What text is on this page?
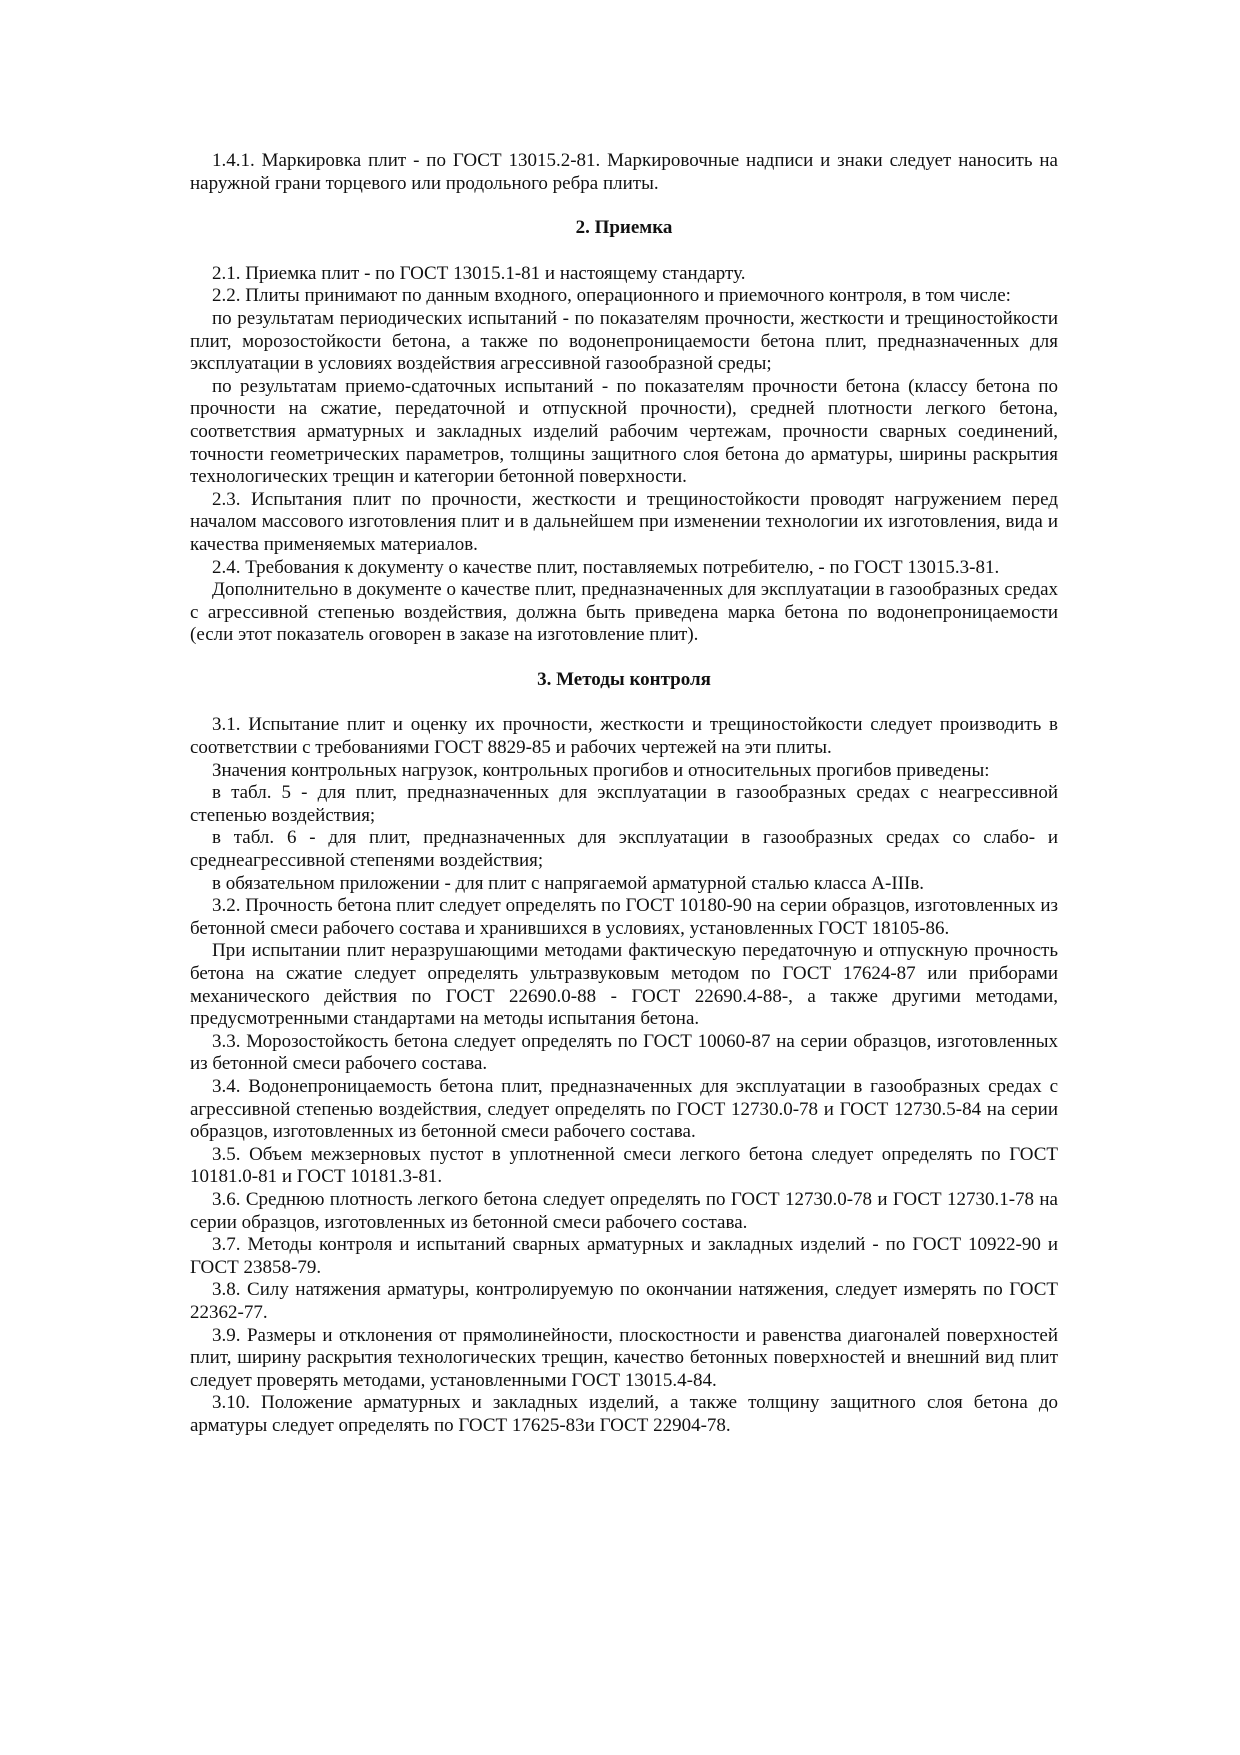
1.4.1. Маркировка плит - по ГОСТ 13015.2-81. Маркировочные надписи и знаки следует наносить на наружной грани торцевого или продольного ребра плиты.

2. Приемка

2.1. Приемка плит - по ГОСТ 13015.1-81 и настоящему стандарту.

2.2. Плиты принимают по данным входного, операционного и приемочного контроля, в том числе:

по результатам периодических испытаний - по показателям прочности, жесткости и трещиностойкости плит, морозостойкости бетона, а также по водонепроницаемости бетона плит, предназначенных для эксплуатации в условиях воздействия агрессивной газообразной среды;

по результатам приемо-сдаточных испытаний - по показателям прочности бетона (классу бетона по прочности на сжатие, передаточной и отпускной прочности), средней плотности легкого бетона, соответствия арматурных и закладных изделий рабочим чертежам, прочности сварных соединений, точности геометрических параметров, толщины защитного слоя бетона до арматуры, ширины раскрытия технологических трещин и категории бетонной поверхности.

2.3. Испытания плит по прочности, жесткости и трещиностойкости проводят нагружением перед началом массового изготовления плит и в дальнейшем при изменении технологии их изготовления, вида и качества применяемых материалов.

2.4. Требования к документу о качестве плит, поставляемых потребителю, - по ГОСТ 13015.3-81.

Дополнительно в документе о качестве плит, предназначенных для эксплуатации в газообразных средах с агрессивной степенью воздействия, должна быть приведена марка бетона по водонепроницаемости (если этот показатель оговорен в заказе на изготовление плит).

3. Методы контроля

3.1. Испытание плит и оценку их прочности, жесткости и трещиностойкости следует производить в соответствии с требованиями ГОСТ 8829-85 и рабочих чертежей на эти плиты.

Значения контрольных нагрузок, контрольных прогибов и относительных прогибов приведены:

в табл. 5 - для плит, предназначенных для эксплуатации в газообразных средах с неагрессивной степенью воздействия;

в табл. 6 - для плит, предназначенных для эксплуатации в газообразных средах со слабо- и среднеагрессивной степенями воздействия;

в обязательном приложении - для плит с напрягаемой арматурной сталью класса А-IIIв.

3.2. Прочность бетона плит следует определять по ГОСТ 10180-90 на серии образцов, изготовленных из бетонной смеси рабочего состава и хранившихся в условиях, установленных ГОСТ 18105-86.

При испытании плит неразрушающими методами фактическую передаточную и отпускную прочность бетона на сжатие следует определять ультразвуковым методом по ГОСТ 17624-87 или приборами механического действия по ГОСТ 22690.0-88 - ГОСТ 22690.4-88-, а также другими методами, предусмотренными стандартами на методы испытания бетона.

3.3. Морозостойкость бетона следует определять по ГОСТ 10060-87 на серии образцов, изготовленных из бетонной смеси рабочего состава.

3.4. Водонепроницаемость бетона плит, предназначенных для эксплуатации в газообразных средах с агрессивной степенью воздействия, следует определять по ГОСТ 12730.0-78 и ГОСТ 12730.5-84 на серии образцов, изготовленных из бетонной смеси рабочего состава.

3.5. Объем межзерновых пустот в уплотненной смеси легкого бетона следует определять по ГОСТ 10181.0-81 и ГОСТ 10181.3-81.

3.6. Среднюю плотность легкого бетона следует определять по ГОСТ 12730.0-78 и ГОСТ 12730.1-78 на серии образцов, изготовленных из бетонной смеси рабочего состава.

3.7. Методы контроля и испытаний сварных арматурных и закладных изделий - по ГОСТ 10922-90 и ГОСТ 23858-79.

3.8. Силу натяжения арматуры, контролируемую по окончании натяжения, следует измерять по ГОСТ 22362-77.

3.9. Размеры и отклонения от прямолинейности, плоскостности и равенства диагоналей поверхностей плит, ширину раскрытия технологических трещин, качество бетонных поверхностей и внешний вид плит следует проверять методами, установленными ГОСТ 13015.4-84.

3.10. Положение арматурных и закладных изделий, а также толщину защитного слоя бетона до арматуры следует определять по ГОСТ 17625-83и ГОСТ 22904-78.
